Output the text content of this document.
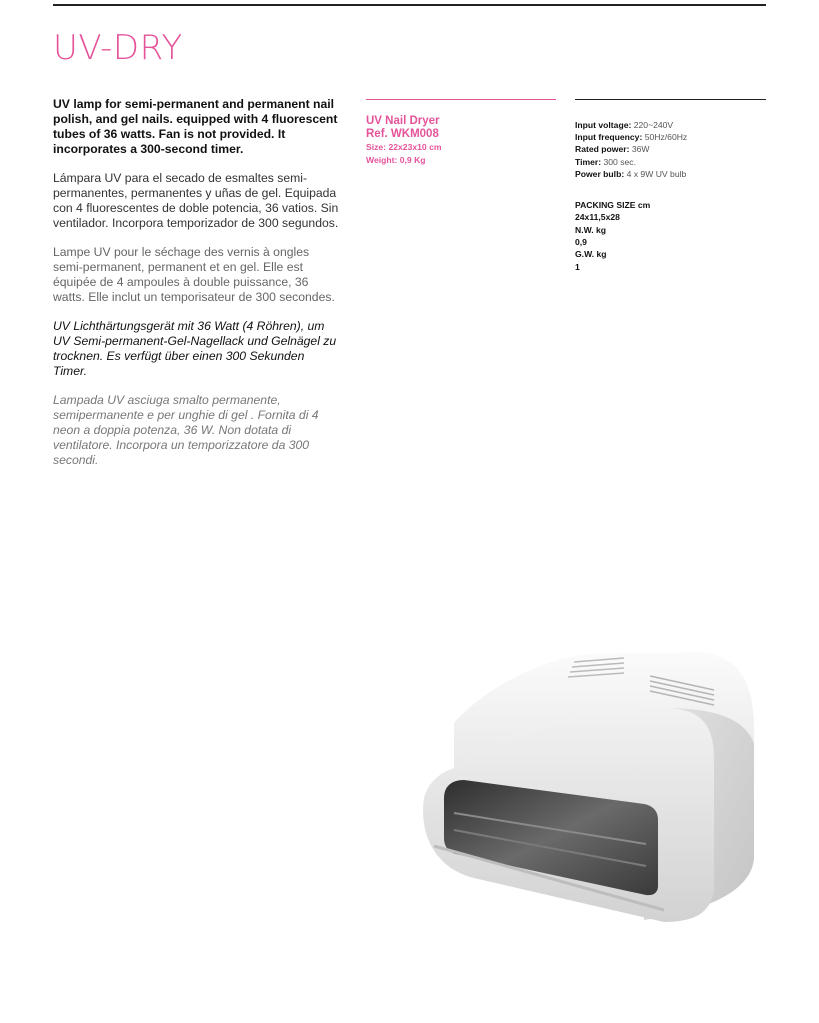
UV-DRY

UV lamp for semi-permanent and permanent nail polish, and gel nails. equipped with 4 fluorescent tubes of 36 watts. Fan is not provided. It incorporates a 300-second timer.

Lámpara UV para el secado de esmaltes semi-permanentes, permanentes y uñas de gel. Equipada con 4 fluorescentes de doble potencia, 36 vatios. Sin ventilador. Incorpora temporizador de 300 segundos.

Lampe UV pour le séchage des vernis à ongles semi-permanent, permanent et en gel. Elle est équipée de 4 ampoules à double puissance, 36 watts. Elle inclut un temporisateur de 300 secondes.

UV Lichthärtungsgerät mit 36 Watt (4 Röhren), um UV Semi-permanent-Gel-Nagellack und Gelnägel zu trocknen. Es verfügt über einen 300 Sekunden Timer.

Lampada UV asciuga smalto permanente, semipermanente e per unghie di gel . Fornita di 4 neon a doppia potenza, 36 W. Non dotata di ventilatore. Incorpora un temporizzatore da 300 secondi.

UV Nail Dryer
Ref. WKM008
Size: 22x23x10 cm
Weight: 0,9 Kg
Input voltage: 220~240V
Input frequency: 50Hz/60Hz
Rated power: 36W
Timer: 300 sec.
Power bulb: 4 x 9W UV bulb
PACKING SIZE cm
24x11,5x28
N.W. kg
0,9
G.W. kg
1
